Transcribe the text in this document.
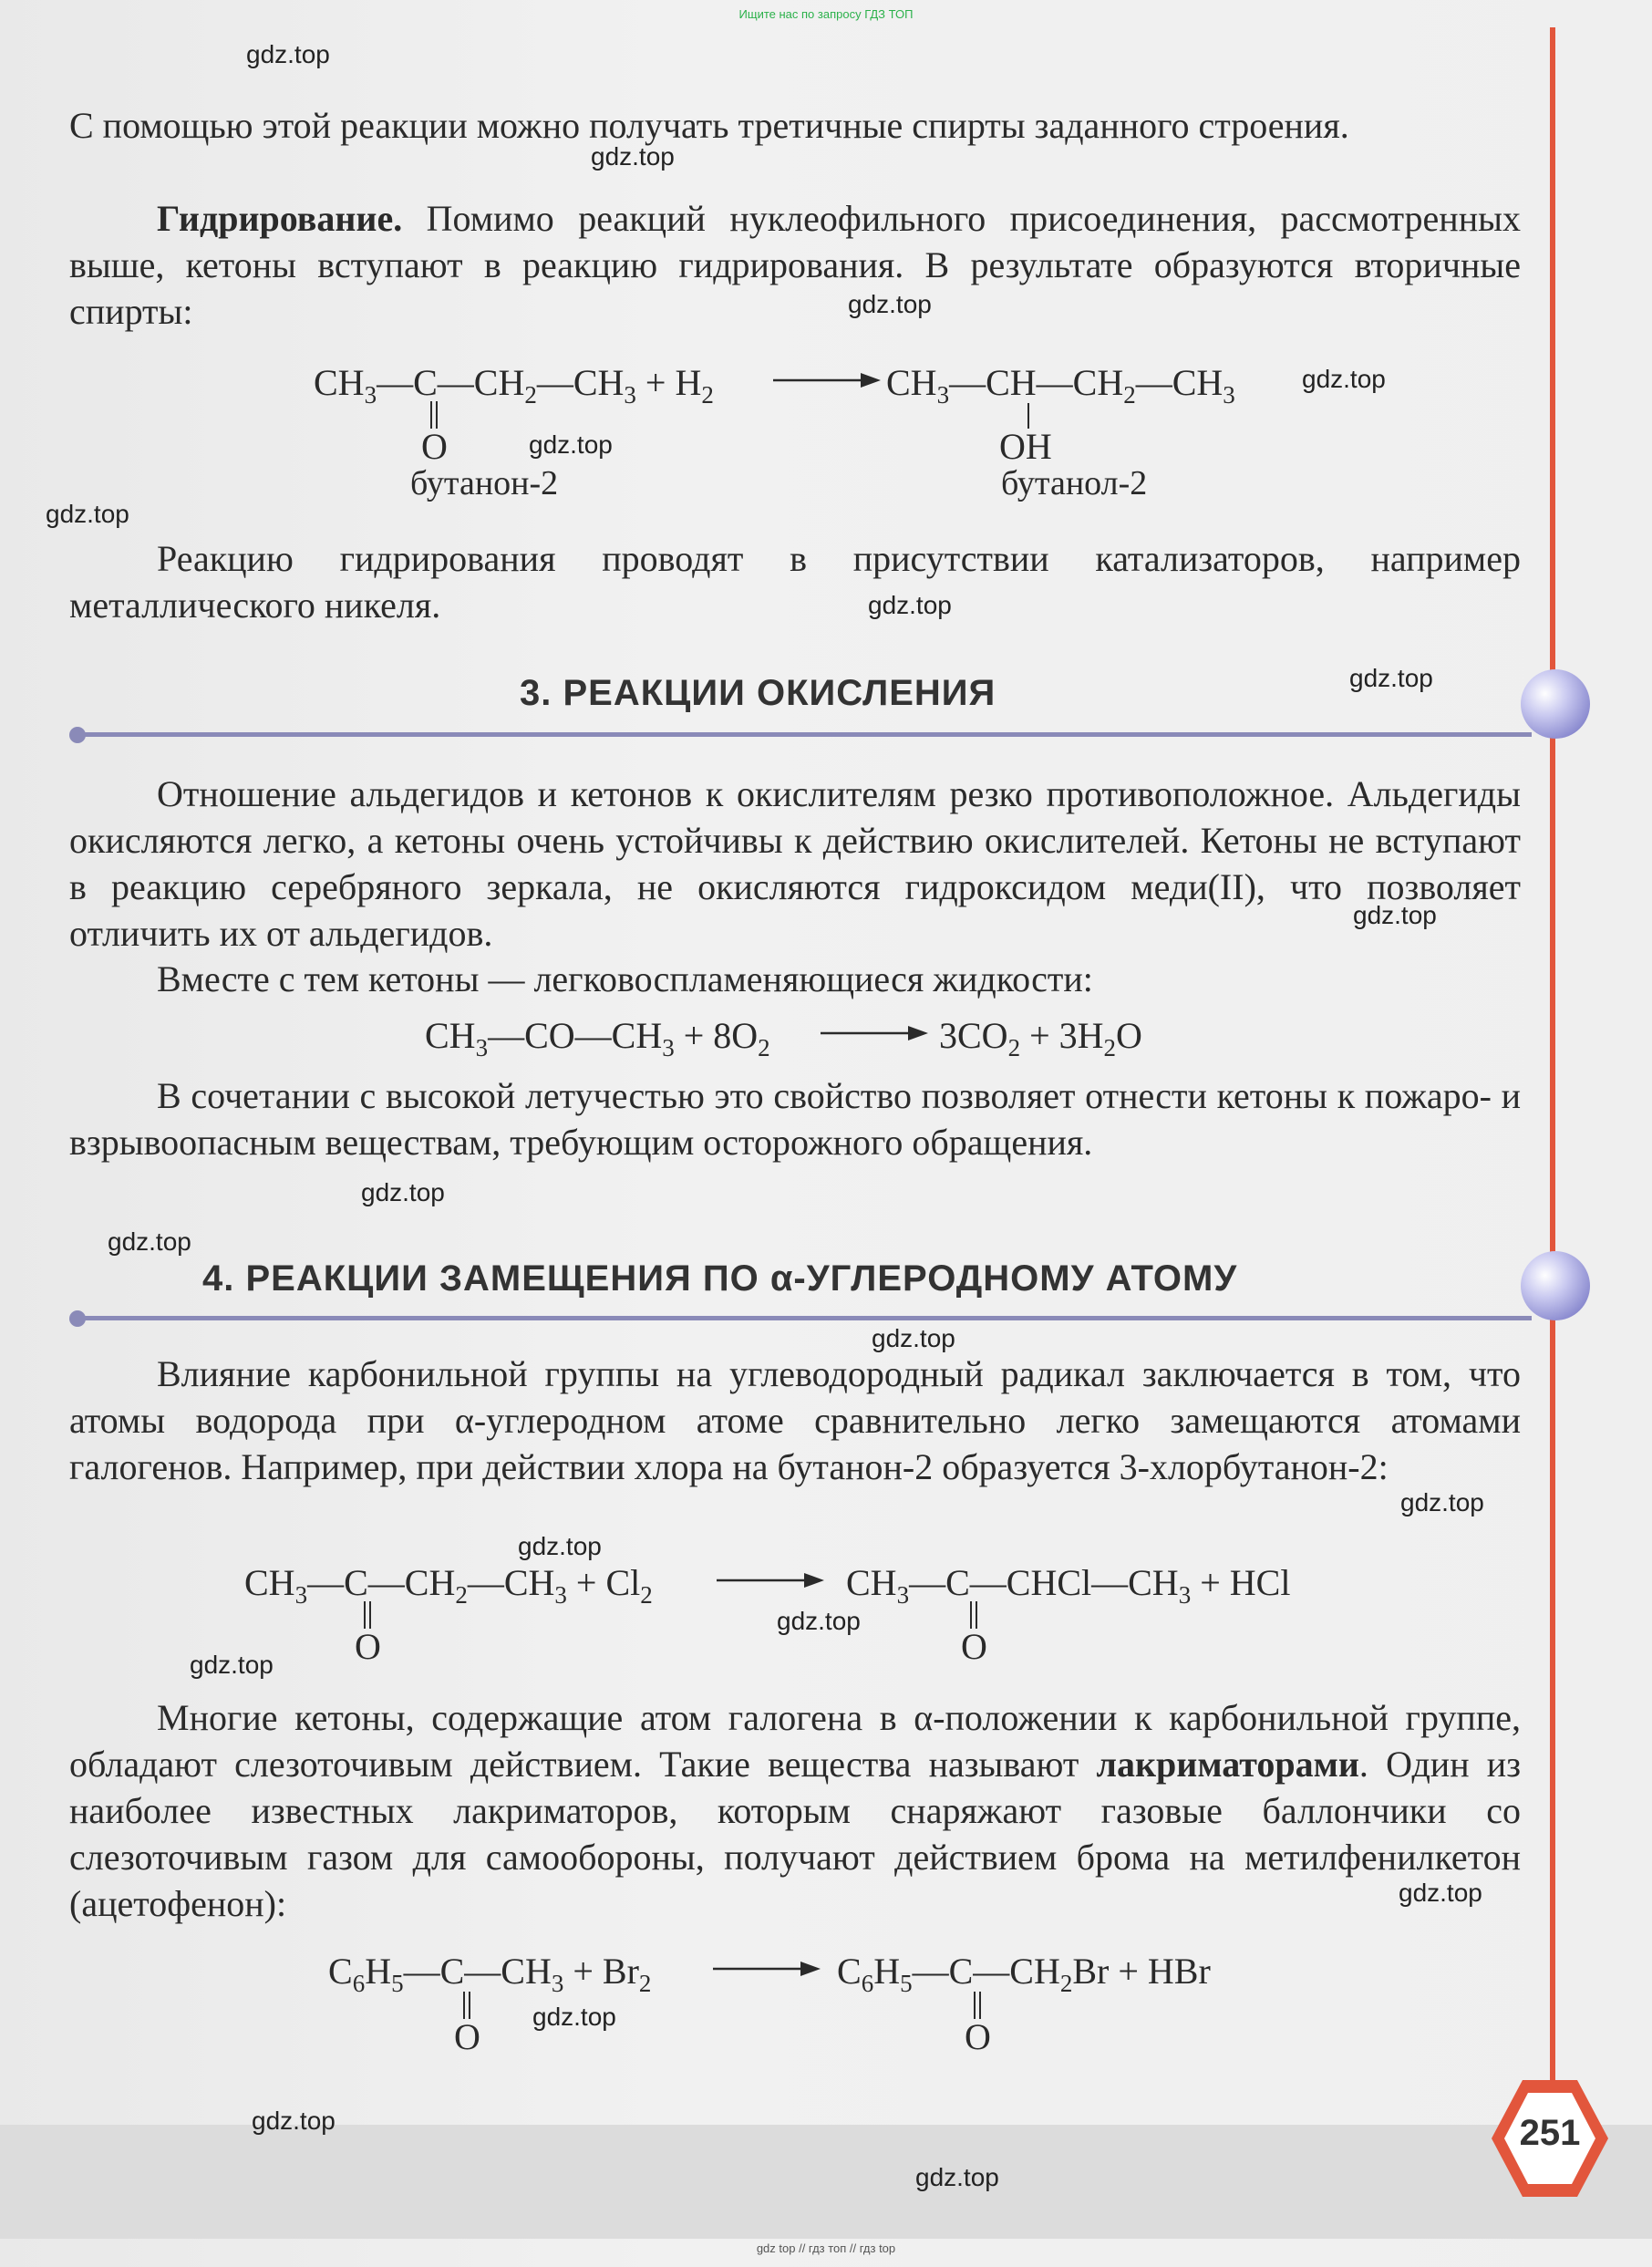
Ищите нас по запросу ГДЗ ТОП

С помощью этой реакции можно получать третичные спирты заданного строения.

Гидрирование. Помимо реакций нуклеофильного присоединения, рассмотренных выше, кетоны вступают в реакцию гидрирования. В результате образуются вторичные спирты:

$CH_3—C—CH_2—CH_3 + H_2$	$CH_3—CH—CH_2—CH_3$
O	OH
бутанон-2	бутанол-2

Реакцию гидрирования проводят в присутствии катализаторов, например металлического никеля.

3. РЕАКЦИИ ОКИСЛЕНИЯ

Отношение альдегидов и кетонов к окислителям резко противоположное. Альдегиды окисляются легко, а кетоны очень устойчивы к действию окислителей. Кетоны не вступают в реакцию серебряного зеркала, не окисляются гидроксидом меди(II), что позволяет отличить их от альдегидов.

Вместе с тем кетоны — легковоспламеняющиеся жидкости:

$CH_3—CO—CH_3 + 8O_2$	$3CO_2 + 3H_2O$

В сочетании с высокой летучестью это свойство позволяет отнести кетоны к пожаро- и взрывоопасным веществам, требующим осторожного обращения.

4. РЕАКЦИИ ЗАМЕЩЕНИЯ ПО α-УГЛЕРОДНОМУ АТОМУ

Влияние карбонильной группы на углеводородный радикал заключается в том, что атомы водорода при α-углеродном атоме сравнительно легко замещаются атомами галогенов. Например, при действии хлора на бутанон-2 образуется 3-хлорбутанон-2:

$CH_3—C—CH_2—CH_3 + Cl_2$	$CH_3—C—CHCl—CH_3$ + HCl
O	O

Многие кетоны, содержащие атом галогена в α-положении к карбонильной группе, обладают слезоточивым действием. Такие вещества называют лакриматорами. Один из наиболее известных лакриматоров, которым снаряжают газовые баллончики со слезоточивым газом для самообороны, получают действием брома на метилфенилкетон (ацетофенон):

$C_6H_5—C—CH_3 + Br_2$	$C_6H_5—C—CH_2Br$ + HBr
O	O
gdz.top
gdz.top
gdz.top
gdz.top
gdz.top
gdz.top
gdz.top
gdz.top
gdz.top
gdz.top
gdz.top
gdz.top
gdz.top
gdz.top
gdz.top
gdz.top
gdz.top
gdz.top
gdz.top
gdz.top
251
gdz top // гдз топ // гдз top
